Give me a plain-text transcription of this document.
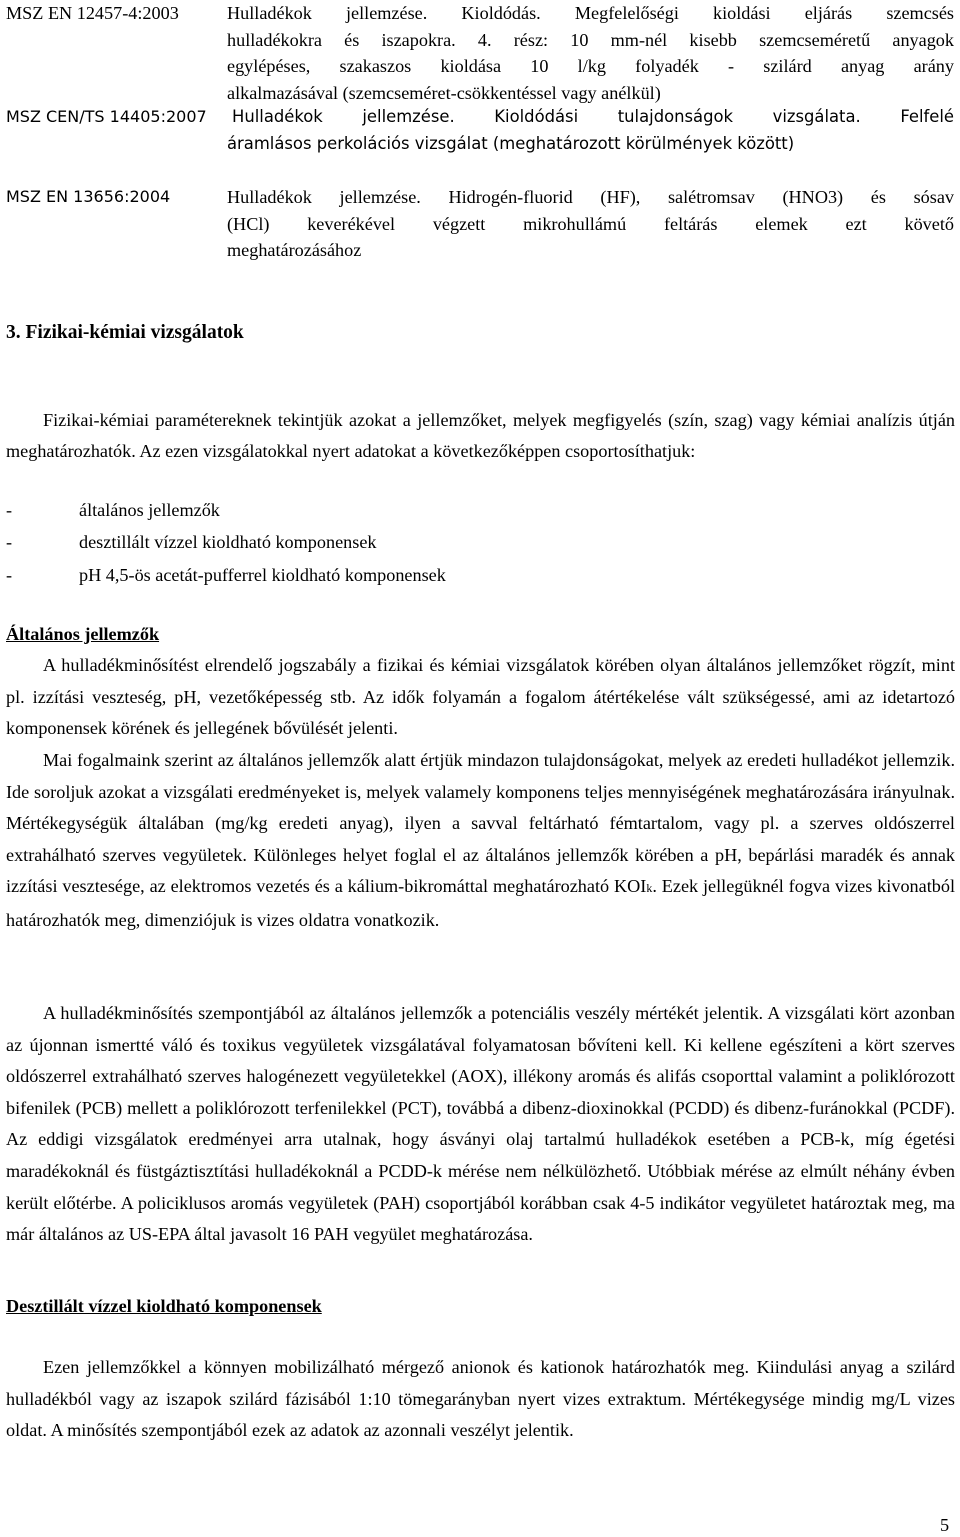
MSZ EN 12457-4:2003	Hulladékok jellemzése. Kioldódás. Megfelelőségi kioldási eljárás szemcsés
hulladékokra és iszapokra. 4. rész: 10 mm-nél kisebb szemcseméretű anyagok
egylépéses, szakaszos kioldása 10 l/kg folyadék - szilárd anyag arány
alkalmazásával (szemcseméret-csökkentéssel vagy anélkül)
MSZ CEN/TS 14405:2007 Hulladékok jellemzése. Kioldódási tulajdonságok vizsgálata. Felfelé
áramlásos perkolációs vizsgálat (meghatározott körülmények között)
MSZ EN 13656:2004	Hulladékok jellemzése. Hidrogén-fluorid (HF), salétromsav (HNO3) és sósav
(HCl) keverékével végzett mikrohullámú feltárás elemek ezt követő
meghatározásához
3. Fizikai-kémiai vizsgálatok
Fizikai-kémiai paramétereknek tekintjük azokat a jellemzőket, melyek megfigyelés (szín, szag) vagy kémiai analízis útján meghatározhatók. Az ezen vizsgálatokkal nyert adatokat a következőképpen csoportosíthatjuk:
-	általános jellemzők
-	desztillált vízzel kioldható komponensek
-	pH 4,5-ös acetát-pufferrel kioldható komponensek
Általános jellemzők
A hulladékminősítést elrendelő jogszabály a fizikai és kémiai vizsgálatok körében olyan általános jellemzőket rögzít, mint pl. izzítási veszteség, pH, vezetőképesség stb. Az idők folyamán a fogalom átértékelése vált szükségessé, ami az idetartozó komponensek körének és jellegének bővülését jelenti.
Mai fogalmaink szerint az általános jellemzők alatt értjük mindazon tulajdonságokat, melyek az eredeti hulladékot jellemzik. Ide soroljuk azokat a vizsgálati eredményeket is, melyek valamely komponens teljes mennyiségének meghatározására irányulnak. Mértékegységük általában (mg/kg eredeti anyag), ilyen a savval feltárható fémtartalom, vagy pl. a szerves oldószerrel extrahálható szerves vegyületek. Különleges helyet foglal el az általános jellemzők körében a pH, bepárlási maradék és annak izzítási vesztesége, az elektromos vezetés és a kálium-bikromáttal meghatározható KOIk. Ezek jellegüknél fogva vizes kivonatból határozhatók meg, dimenziójuk is vizes oldatra vonatkozik.
A hulladékminősítés szempontjából az általános jellemzők a potenciális veszély mértékét jelentik. A vizsgálati kört azonban az újonnan ismertté váló és toxikus vegyületek vizsgálatával folyamatosan bővíteni kell. Ki kellene egészíteni a kört szerves oldószerrel extrahálható szerves halogénezett vegyületekkel (AOX), illékony aromás és alifás csoporttal valamint a poliklórozott bifenilek (PCB) mellett a poliklórozott terfenilekkel (PCT), továbbá a dibenz-dioxinokkal (PCDD) és dibenz-furánokkal (PCDF). Az eddigi vizsgálatok eredményei arra utalnak, hogy ásványi olaj tartalmú hulladékok esetében a PCB-k, míg égetési maradékoknál és füstgáztisztítási hulladékoknál a PCDD-k mérése nem nélkülözhető. Utóbbiak mérése az elmúlt néhány évben került előtérbe. A policiklusos aromás vegyületek (PAH) csoportjából korábban csak 4-5 indikátor vegyületet határoztak meg, ma már általános az US-EPA által javasolt 16 PAH vegyület meghatározása.
Desztillált vízzel kioldható komponensek
Ezen jellemzőkkel a könnyen mobilizálható mérgező anionok és kationok határozhatók meg. Kiindulási anyag a szilárd hulladékból vagy az iszapok szilárd fázisából 1:10 tömegarányban nyert vizes extraktum. Mértékegysége mindig mg/L vizes oldat. A minősítés szempontjából ezek az adatok az azonnali veszélyt jelentik.
5
